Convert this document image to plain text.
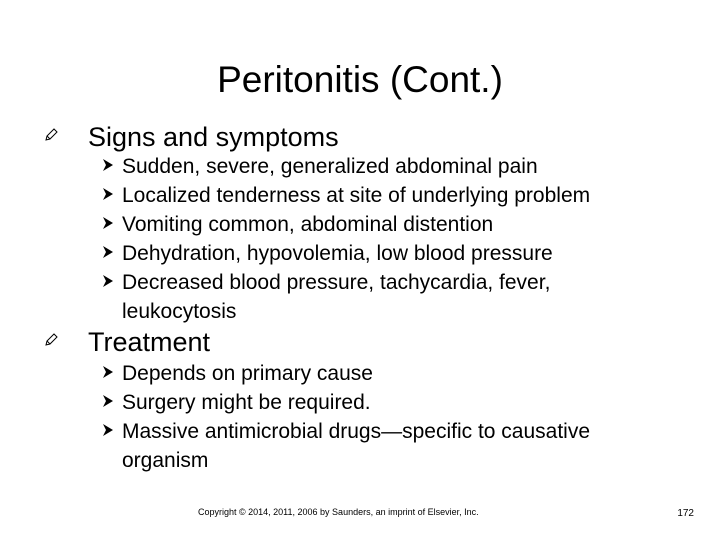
Peritonitis (Cont.)
Signs and symptoms
Sudden, severe, generalized abdominal pain
Localized tenderness at site of underlying problem
Vomiting common, abdominal distention
Dehydration, hypovolemia, low blood pressure
Decreased blood pressure, tachycardia, fever, leukocytosis
Treatment
Depends on primary cause
Surgery might be required.
Massive antimicrobial drugs—specific to causative organism
Copyright © 2014, 2011, 2006 by Saunders, an imprint of Elsevier, Inc.	172
